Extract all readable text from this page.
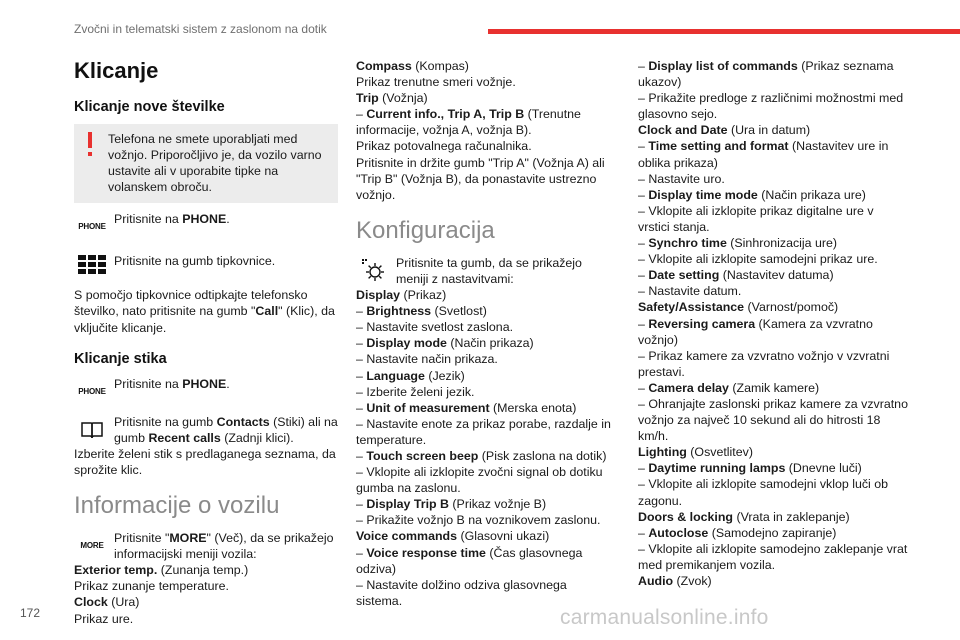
Zvočni in telematski sistem z zaslonom na dotik
Klicanje
Klicanje nove številke
Telefona ne smete uporabljati med vožnjo. Priporočljivo je, da vozilo varno ustavite ali v uporabite tipke na volanskem obroču.
PHONE
Pritisnite na PHONE.
Pritisnite na gumb tipkovnice.
S pomočjo tipkovnice odtipkajte telefonsko številko, nato pritisnite na gumb "Call" (Klic), da vključite klicanje.
Klicanje stika
PHONE
Pritisnite na PHONE.
Pritisnite na gumb Contacts (Stiki) ali na gumb Recent calls (Zadnji klici).
Izberite želeni stik s predlaganega seznama, da sprožite klic.
Informacije o vozilu
MORE
Pritisnite "MORE" (Več), da se prikažejo informacijski meniji vozila:
Exterior temp. (Zunanja temp.)
Prikaz zunanje temperature.
Clock (Ura)
Prikaz ure.
Compass (Kompas)
Prikaz trenutne smeri vožnje.
Trip (Vožnja)
– Current info., Trip A, Trip B (Trenutne informacije, vožnja A, vožnja B).
Prikaz potovalnega računalnika.
Pritisnite in držite gumb "Trip A" (Vožnja A) ali "Trip B" (Vožnja B), da ponastavite ustrezno vožnjo.
Konfiguracija
Pritisnite ta gumb, da se prikažejo meniji z nastavitvami:
Display (Prikaz)
– Brightness (Svetlost)
– Nastavite svetlost zaslona.
– Display mode (Način prikaza)
– Nastavite način prikaza.
– Language (Jezik)
– Izberite želeni jezik.
– Unit of measurement (Merska enota)
– Nastavite enote za prikaz porabe, razdalje in temperature.
– Touch screen beep (Pisk zaslona na dotik)
– Vklopite ali izklopite zvočni signal ob dotiku gumba na zaslonu.
– Display Trip B (Prikaz vožnje B)
– Prikažite vožnjo B na voznikovem zaslonu.
Voice commands (Glasovni ukazi)
– Voice response time (Čas glasovnega odziva)
– Nastavite dolžino odziva glasovnega sistema.
– Display list of commands (Prikaz seznama ukazov)
– Prikažite predloge z različnimi možnostmi med glasovno sejo.
Clock and Date (Ura in datum)
– Time setting and format (Nastavitev ure in oblika prikaza)
– Nastavite uro.
– Display time mode (Način prikaza ure)
– Vklopite ali izklopite prikaz digitalne ure v vrstici stanja.
– Synchro time (Sinhronizacija ure)
– Vklopite ali izklopite samodejni prikaz ure.
– Date setting (Nastavitev datuma)
– Nastavite datum.
Safety/Assistance (Varnost/pomoč)
– Reversing camera (Kamera za vzvratno vožnjo)
– Prikaz kamere za vzvratno vožnjo v vzvratni prestavi.
– Camera delay (Zamik kamere)
– Ohranjajte zaslonski prikaz kamere za vzvratno vožnjo za največ 10 sekund ali do hitrosti 18 km/h.
Lighting (Osvetlitev)
– Daytime running lamps (Dnevne luči)
– Vklopite ali izklopite samodejni vklop luči ob zagonu.
Doors & locking (Vrata in zaklepanje)
– Autoclose (Samodejno zapiranje)
– Vklopite ali izklopite samodejno zaklepanje vrat med premikanjem vozila.
Audio (Zvok)
172	carmanualsonline.info
